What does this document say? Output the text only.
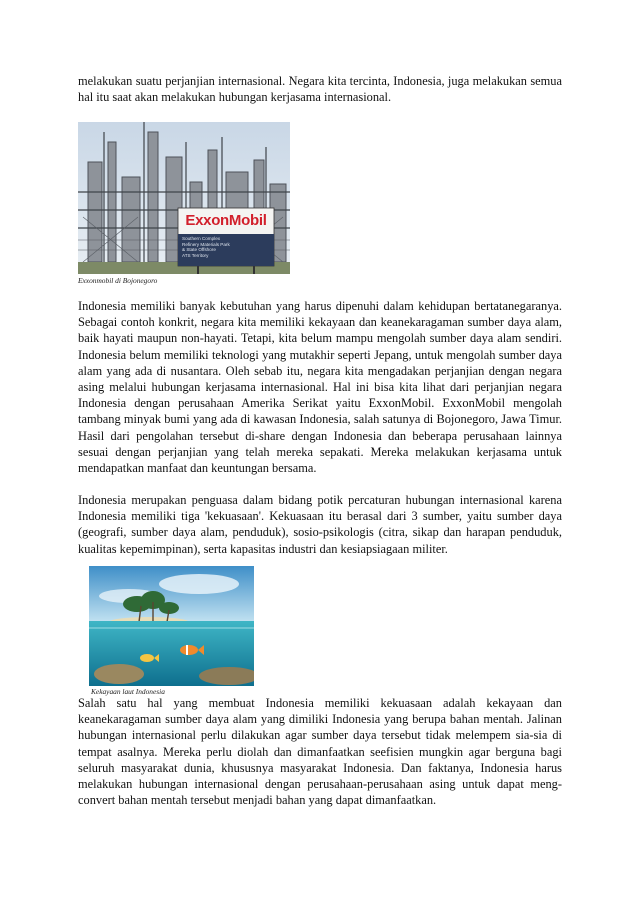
melakukan suatu perjanjian internasional. Negara kita tercinta, Indonesia, juga melakukan semua hal itu saat akan melakukan hubungan kerjasama internasional.

ExxonMobil
Southern Complex
Refinery Materials Park
& State Offshore
ATS Territory
Exxonmobil di Bojonegoro

Indonesia memiliki banyak kebutuhan yang harus dipenuhi dalam kehidupan bertatanegaranya. Sebagai contoh konkrit, negara kita memiliki kekayaan dan keanekaragaman sumber daya alam, baik hayati maupun non-hayati. Tetapi, kita belum mampu mengolah sumber daya alam sendiri. Indonesia belum memiliki teknologi yang mutakhir seperti Jepang, untuk mengolah sumber daya alam yang ada di nusantara. Oleh sebab itu, negara kita mengadakan perjanjian dengan negara asing melalui hubungan kerjasama internasional. Hal ini bisa kita lihat dari perjanjian negara Indonesia dengan perusahaan Amerika Serikat yaitu ExxonMobil. ExxonMobil mengolah tambang minyak bumi yang ada di kawasan Indonesia, salah satunya di Bojonegoro, Jawa Timur. Hasil dari pengolahan tersebut di-share dengan Indonesia dan beberapa perusahaan lainnya sesuai dengan perjanjian yang telah mereka sepakati. Mereka melakukan kerjasama untuk mendapatkan manfaat dan keuntungan bersama.

Indonesia merupakan penguasa dalam bidang potik percaturan hubungan internasional karena Indonesia memiliki tiga 'kekuasaan'. Kekuasaan itu berasal dari 3 sumber, yaitu sumber daya (geografi, sumber daya alam, penduduk), sosio-psikologis (citra, sikap dan harapan penduduk, kualitas kepemimpinan), serta kapasitas industri dan kesiapsiagaan militer.

Kekayaan laut Indonesia

Salah satu hal yang membuat Indonesia memiliki kekuasaan adalah kekayaan dan keanekaragaman sumber daya alam yang dimiliki Indonesia yang berupa bahan mentah. Jalinan hubungan internasional perlu dilakukan agar sumber daya tersebut tidak melempem sia-sia di tempat asalnya. Mereka perlu diolah dan dimanfaatkan seefisien mungkin agar berguna bagi seluruh masyarakat dunia, khususnya masyarakat Indonesia. Dan faktanya, Indonesia harus melakukan hubungan internasional dengan perusahaan-perusahaan asing untuk dapat meng-convert bahan mentah tersebut menjadi bahan yang dapat dimanfaatkan.
